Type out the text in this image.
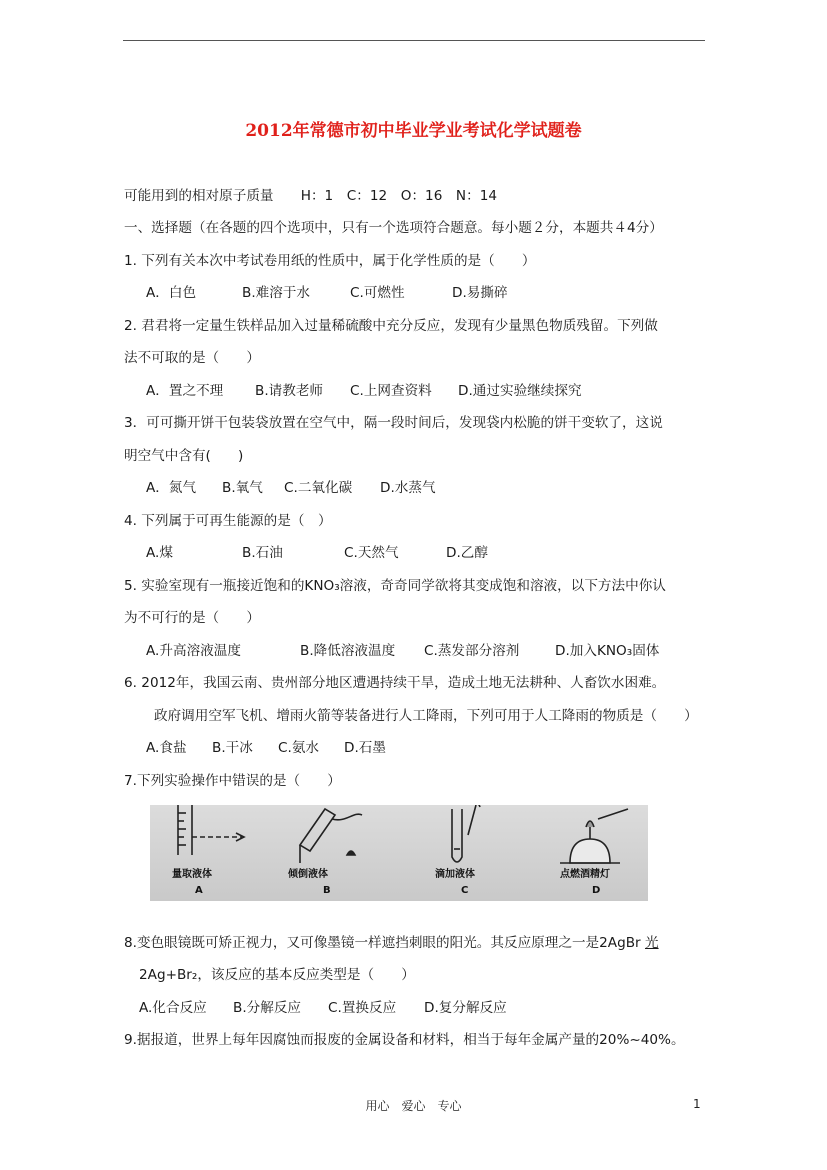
2012年常德市初中毕业学业考试化学试题卷
可能用到的相对原子质量　　H：1　C：12　O：16　N：14
一、选择题（在各题的四个选项中，只有一个选项符合题意。每小题２分，本题共４4分）
1. 下列有关本次中考试卷用纸的性质中，属于化学性质的是（　　）
A．白色	B.难溶于水	C.可燃性	D.易撕碎
2. 君君将一定量生铁样品加入过量稀硫酸中充分反应，发现有少量黑色物质残留。下列做
法不可取的是（　　）
A．置之不理 B.请教老师 C.上网查资料 D.通过实验继续探究
3．可可撕开饼干包装袋放置在空气中，隔一段时间后，发现袋内松脆的饼干变软了，这说
明空气中含有(　　)
A．氮气 B.氧气 C.二氧化碳 D.水蒸气
4. 下列属于可再生能源的是（　）
A.煤	B.石油	C.天然气	D.乙醇
5. 实验室现有一瓶接近饱和的KNO₃溶液，奇奇同学欲将其变成饱和溶液，以下方法中你认
为不可行的是（　　）
A.升高溶液温度	B.降低溶液温度 C.蒸发部分溶剂	D.加入KNO₃固体
6. 2012年，我国云南、贵州部分地区遭遇持续干旱，造成土地无法耕种、人畜饮水困难。
政府调用空军飞机、增雨火箭等装备进行人工降雨，下列可用于人工降雨的物质是（　　）
A.食盐 B.干冰 C.氨水 D.石墨
7.下列实验操作中错误的是（　　）
量取液体
A
倾倒液体
B
滴加液体
C
点燃酒精灯
D
8.变色眼镜既可矫正视力，又可像墨镜一样遮挡刺眼的阳光。其反应原理之一是2AgBr 光
2Ag+Br₂，该反应的基本反应类型是（　　）
A.化合反应 B.分解反应 C.置换反应 D.复分解反应
9.据报道，世界上每年因腐蚀而报废的金属设备和材料，相当于每年金属产量的20%~40%。
用心　爱心　专心	1
